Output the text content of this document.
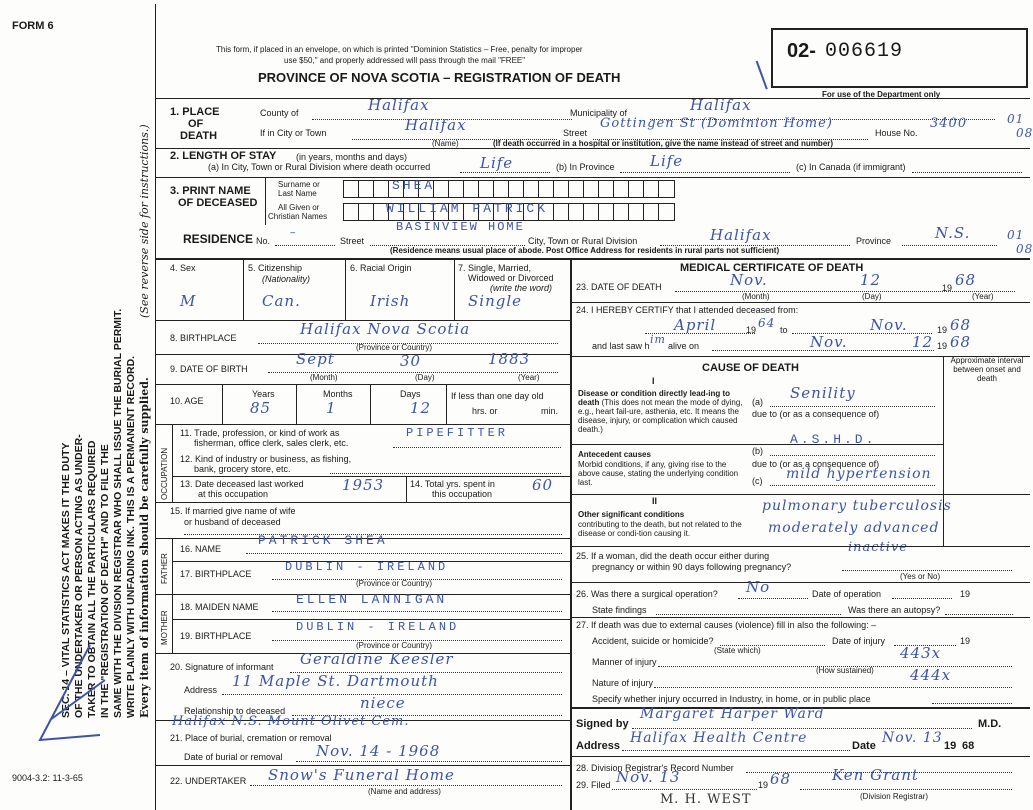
FORM 6
This form, if placed in an envelope, on which is printed "Dominion Statistics – Free, penalty for improper
use $50," and properly addressed will pass through the mail "FREE"
PROVINCE OF NOVA SCOTIA – REGISTRATION OF DEATH
02- 006619
For use of the Department only
SEC. 14 – VITAL STATISTICS ACT MAKES IT THE DUTY OF THE UNDERTAKER OR PERSON ACTING AS UNDER- TAKER TO OBTAIN ALL THE PARTICULARS REQUIRED IN THE "REGISTRATION OF DEATH" AND TO FILE THE SAME WITH THE DIVISION REGISTRAR WHO SHALL ISSUE THE BURIAL PERMIT. WRITE PLAINLY WITH UNFADING INK. THIS IS A PERMANENT RECORD. Every item of information should be carefully supplied.
(See reverse side for instructions.)
9004-3.2: 11-3-65
1. PLACE
OF
DEATH
County of	Halifax	Municipality of	Halifax
If in City or Town	Halifax	Street
Gottingen St (Dominion Home)
House No.
3400
(Name)	(If death occurred in a hospital or institution, give the name instead of street and number)
01
08
2. LENGTH OF STAY (in years, months and days)
(a) In City, Town or Rural Division where death occurred	Life	(b) In Province Life	(c) In Canada (if immigrant)
3. PRINT NAME
OF DECEASED
Surname or
Last Name
All Given or
Christian Names
SHEA
WILLIAM PATRICK
RESIDENCE No.
–
Street
BASINVIEW HOME
City, Town or Rural Division	Halifax	Province	N.S.
(Residence means usual place of abode. Post Office Address for residents in rural parts not sufficient)
01
08
4. Sex
M
5. Citizenship
(Nationality)
Can.
6. Racial Origin
Irish
7. Single, Married,
Widowed or Divorced
(write the word)
Single
8. BIRTHPLACE	Halifax Nova Scotia
(Province or Country)
9. DATE OF BIRTH
Sept	30	1883
(Month)	(Day)	(Year)
10. AGE
Years	Months	Days
85	1	12
If less than one day old
hrs. or	min.
OCCUPATION
11. Trade, profession, or kind of work as
fisherman, office clerk, sales clerk, etc.
PIPEFITTER
12. Kind of industry or business, as fishing,
bank, grocery store, etc.
13. Date deceased last worked
at this occupation	1953	14. Total yrs. spent in
this occupation	60
15. If married give name of wife
or husband of deceased
FATHER
16. NAME
PATRICK SHEA
17. BIRTHPLACE	DUBLIN - IRELAND
(Province or Country)
MOTHER
18. MAIDEN NAME	ELLEN LANNIGAN
19. BIRTHPLACE
DUBLIN - IRELAND
(Province or Country)
20. Signature of informant Geraldine Keesler
Address 11 Maple St. Dartmouth
Relationship to deceased	niece
21. Place of burial, cremation or removal
Halifax N.S. Mount Olivet Cem.
Date of burial or removal Nov. 14 - 1968
22. UNDERTAKER Snow's Funeral Home
(Name and address)
MEDICAL CERTIFICATE OF DEATH
23. DATE OF DEATH	Nov.	12	19 68
(Month)	(Day)	(Year)
24. I HEREBY CERTIFY that I attended deceased from:
April	19 64 to	Nov.	19 68
and last saw h im alive on	Nov.	12 19 68
CAUSE OF DEATH
Approximate interval between onset and death
I
Disease or condition directly lead-ing to death (This does not mean the mode of dying, e.g., heart fail-ure, asthenia, etc. It means the disease, injury, or complication which caused death.)
(a) Senility
due to (or as a consequence of)
Antecedent causes
Morbid conditions, if any, giving rise to the above cause, stating the underlying condition last.
(b)
A.S.H.D.
due to (or as a consequence of)
(c) mild hypertension
II
Other significant conditions
contributing to the death, but not related to the disease or condi-tion causing it.
pulmonary tuberculosis
moderately advanced
inactive
25. If a woman, did the death occur either during
pregnancy or within 90 days following pregnancy?
(Yes or No)
26. Was there a surgical operation? No	Date of operation	19
State findings	Was there an autopsy?
27. If death was due to external causes (violence) fill in also the following: –
Accident, suicide or homicide?	Date of injury	19
(State which)
Manner of injury	443x
(How sustained)
Nature of injury	444x
Specify whether injury occurred in Industry, in home, or in public place
Signed by
Margaret Harper Ward
M.D.
Address Halifax Health Centre	Date Nov. 13 19 68
28. Division Registrar's Record Number
29. Filed Nov. 13	19 68	Ken Grant
(Division Registrar)
M. H. WEST
